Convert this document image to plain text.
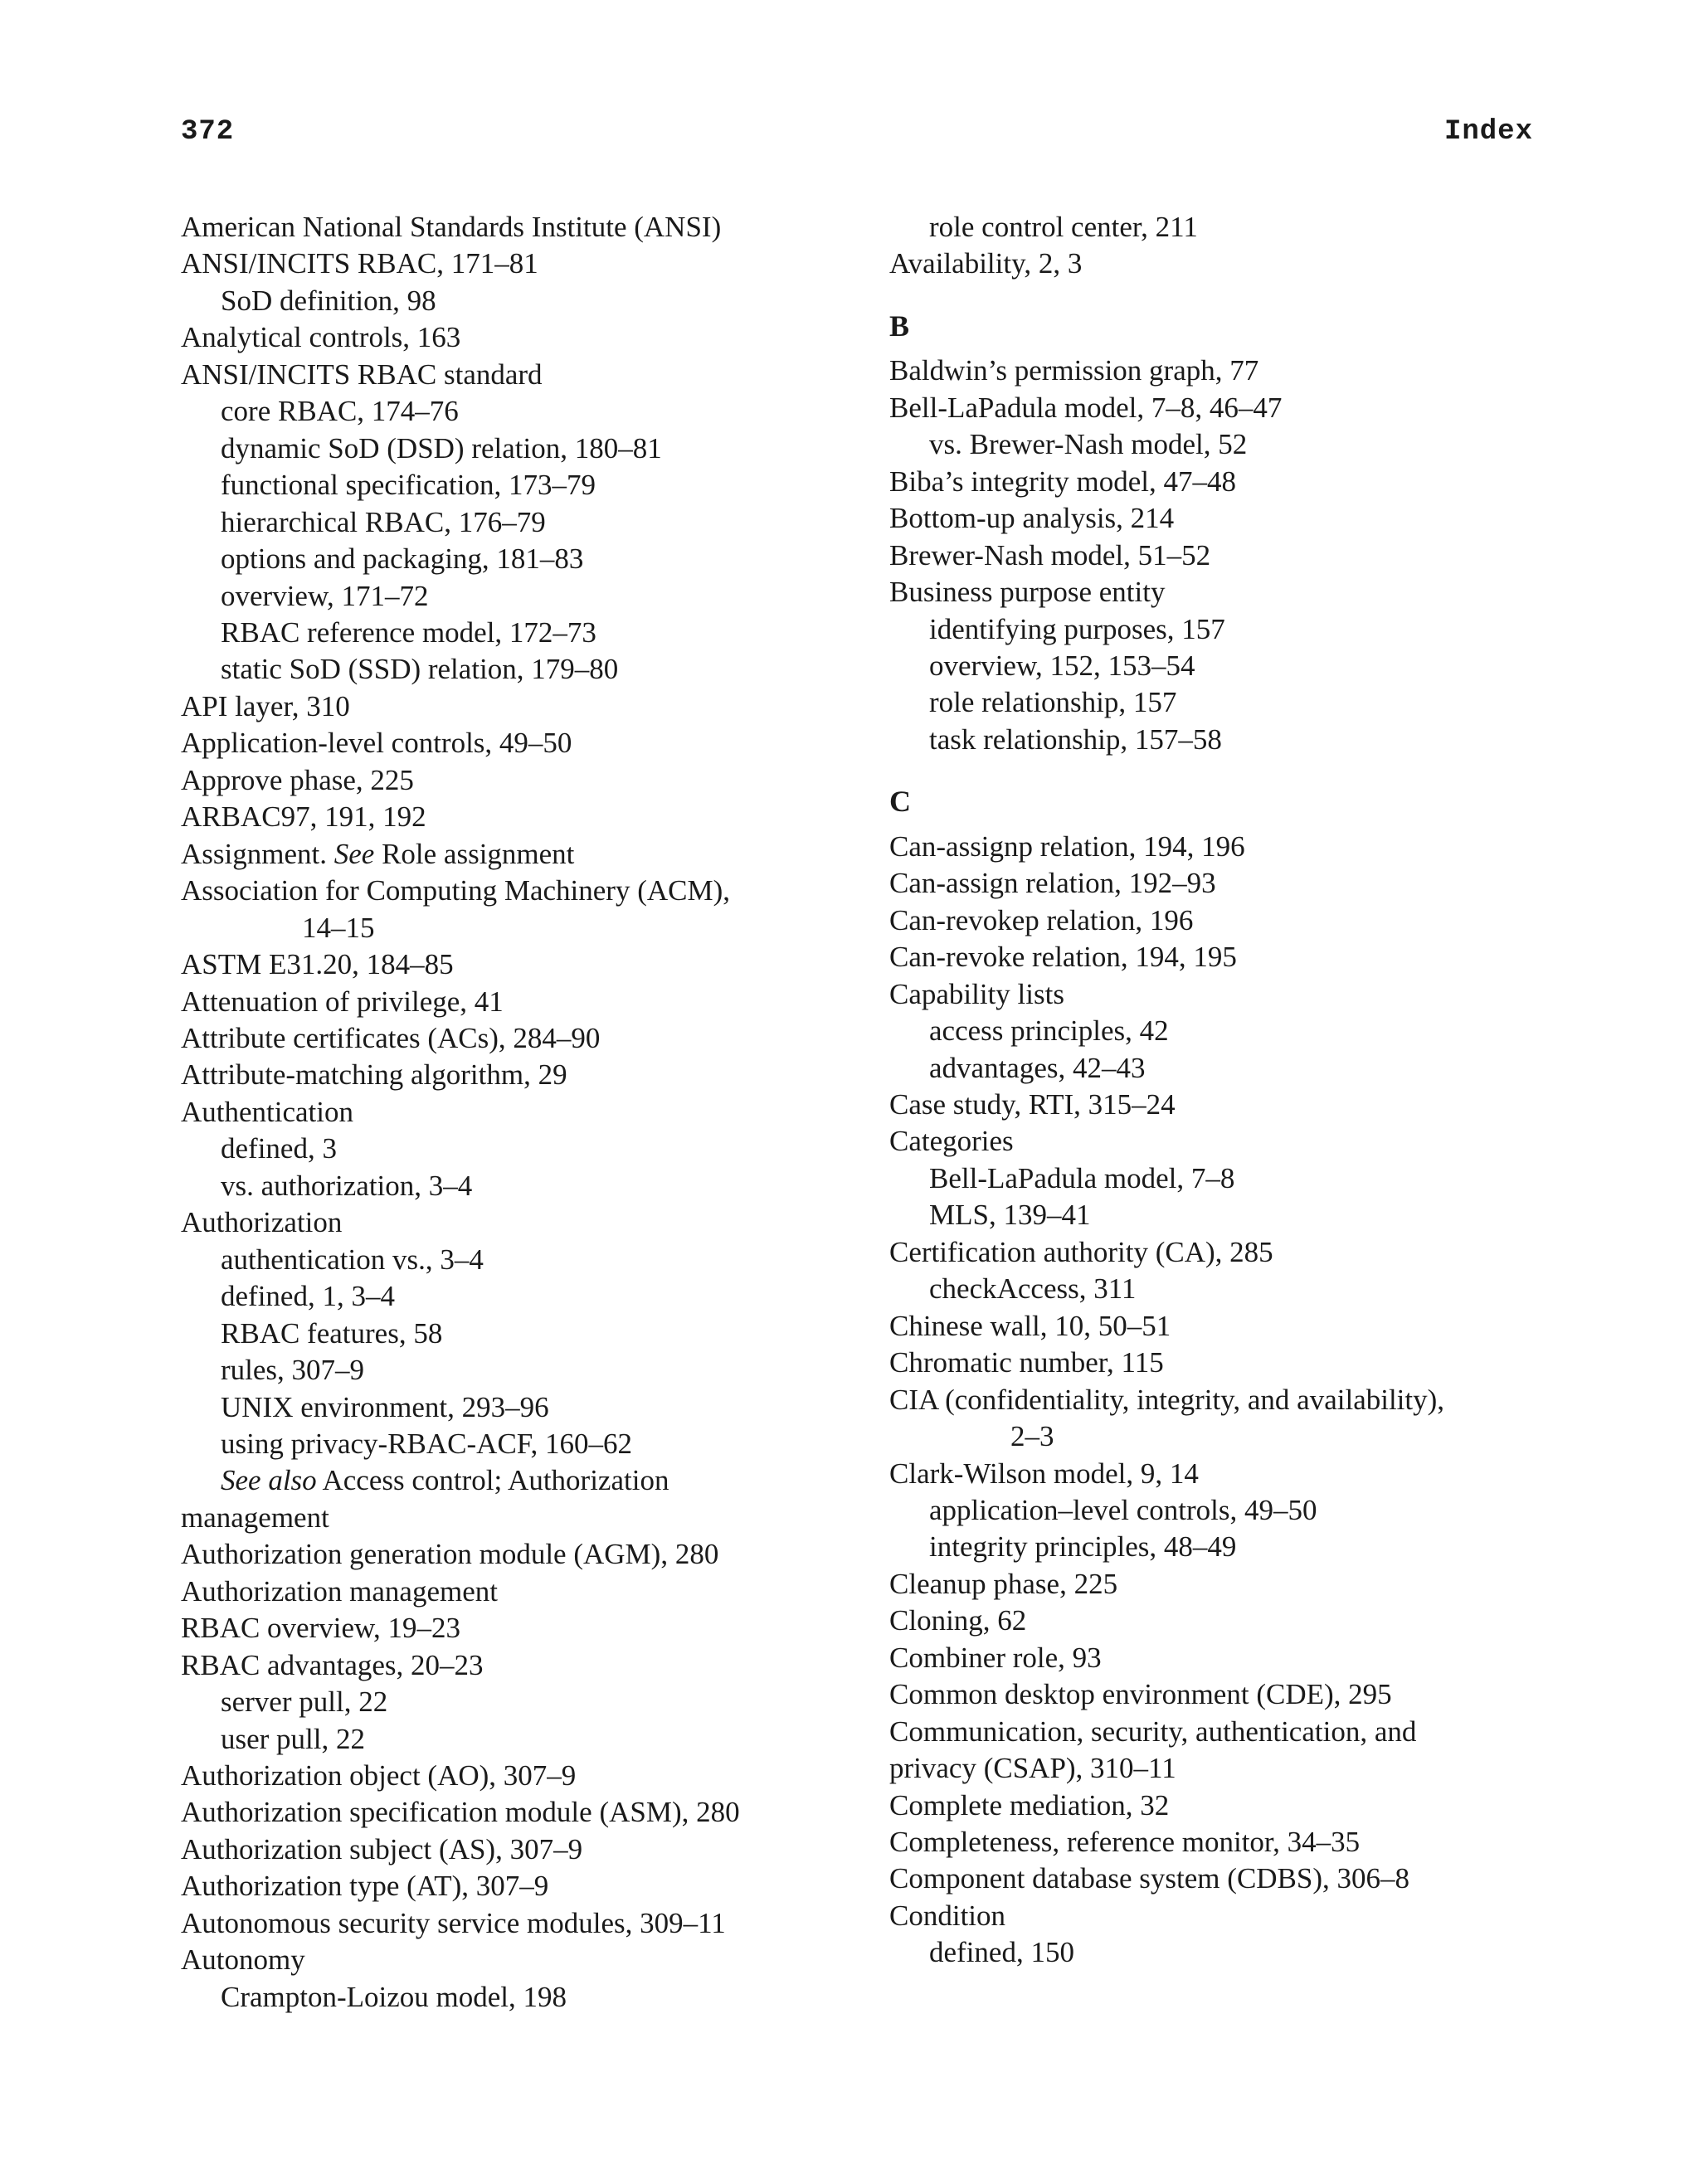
372	Index
American National Standards Institute (ANSI)
ANSI/INCITS RBAC, 171–81
SoD definition, 98
Analytical controls, 163
ANSI/INCITS RBAC standard
core RBAC, 174–76
dynamic SoD (DSD) relation, 180–81
functional specification, 173–79
hierarchical RBAC, 176–79
options and packaging, 181–83
overview, 171–72
RBAC reference model, 172–73
static SoD (SSD) relation, 179–80
API layer, 310
Application-level controls, 49–50
Approve phase, 225
ARBAC97, 191, 192
Assignment. See Role assignment
Association for Computing Machinery (ACM),
14–15
ASTM E31.20, 184–85
Attenuation of privilege, 41
Attribute certificates (ACs), 284–90
Attribute-matching algorithm, 29
Authentication
defined, 3
vs. authorization, 3–4
Authorization
authentication vs., 3–4
defined, 1, 3–4
RBAC features, 58
rules, 307–9
UNIX environment, 293–96
using privacy-RBAC-ACF, 160–62
See also Access control; Authorization
management
Authorization generation module (AGM), 280
Authorization management
RBAC overview, 19–23
RBAC advantages, 20–23
server pull, 22
user pull, 22
Authorization object (AO), 307–9
Authorization specification module (ASM), 280
Authorization subject (AS), 307–9
Authorization type (AT), 307–9
Autonomous security service modules, 309–11
Autonomy
Crampton-Loizou model, 198
role control center, 211
Availability, 2, 3
B
Baldwin’s permission graph, 77
Bell-LaPadula model, 7–8, 46–47
vs. Brewer-Nash model, 52
Biba’s integrity model, 47–48
Bottom-up analysis, 214
Brewer-Nash model, 51–52
Business purpose entity
identifying purposes, 157
overview, 152, 153–54
role relationship, 157
task relationship, 157–58
C
Can-assignp relation, 194, 196
Can-assign relation, 192–93
Can-revokep relation, 196
Can-revoke relation, 194, 195
Capability lists
access principles, 42
advantages, 42–43
Case study, RTI, 315–24
Categories
Bell-LaPadula model, 7–8
MLS, 139–41
Certification authority (CA), 285
checkAccess, 311
Chinese wall, 10, 50–51
Chromatic number, 115
CIA (confidentiality, integrity, and availability),
2–3
Clark-Wilson model, 9, 14
application–level controls, 49–50
integrity principles, 48–49
Cleanup phase, 225
Cloning, 62
Combiner role, 93
Common desktop environment (CDE), 295
Communication, security, authentication, and
privacy (CSAP), 310–11
Complete mediation, 32
Completeness, reference monitor, 34–35
Component database system (CDBS), 306–8
Condition
defined, 150
